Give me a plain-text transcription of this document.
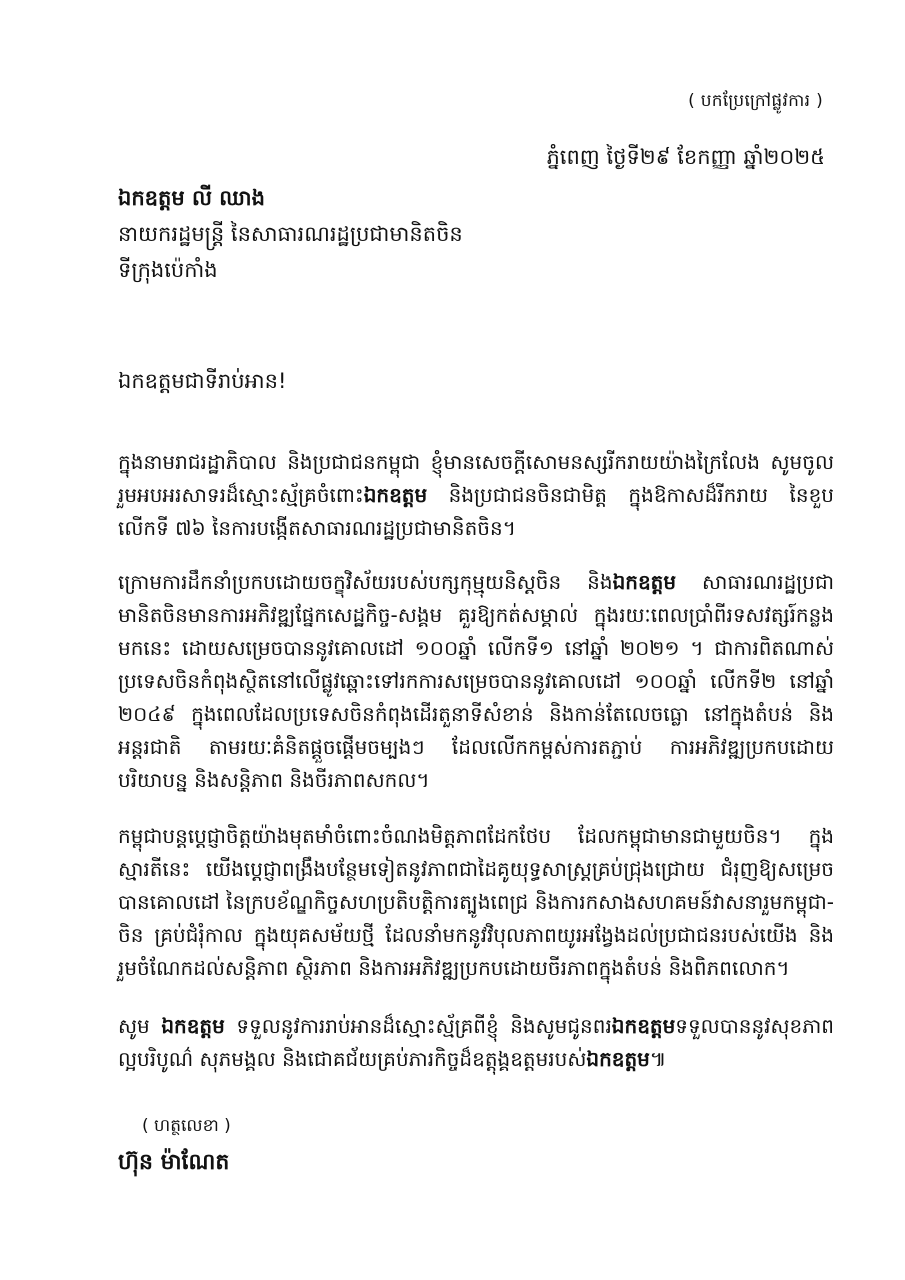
( បកប្រែក្រៅផ្លូវការ )
ភ្នំពេញ ថ្ងៃទី២៩ ខែកញ្ញា ឆ្នាំ២០២៥
ឯកឧត្តម លី ឈាង
នាយករដ្ឋមន្ត្រី នៃសាធារណរដ្ឋប្រជាមានិតចិន
ទីក្រុងប៉េកាំង
ឯកឧត្តមជាទីរាប់អាន!

ក្នុងនាមរាជរដ្ឋាភិបាល និងប្រជាជនកម្ពុជា ខ្ញុំមានសេចក្ដីសោមនស្សរីករាយយ៉ាងក្រៃលែង សូមចូលរួមអបអរសាទរដ៏ស្មោះស្ម័គ្រចំពោះឯកឧត្តម និងប្រជាជនចិនជាមិត្ត ក្នុងឱកាសដ៏រីករាយ នៃខួបលើកទី ៧៦ នៃការបង្កើតសាធារណរដ្ឋប្រជាមានិតចិន។

ក្រោមការដឹកនាំប្រកបដោយចក្ខុវិស័យរបស់បក្សកុម្មុយនិស្តចិន និងឯកឧត្តម សាធារណរដ្ឋប្រជាមានិតចិនមានការអភិវឌ្ឍផ្នែកសេដ្ឋកិច្ច-សង្គម គួរឱ្យកត់សម្គាល់ ក្នុងរយៈពេលប្រាំពីរទសវត្សរ៍កន្លងមកនេះ ដោយសម្រេចបាននូវគោលដៅ ១០០ឆ្នាំ លើកទី១ នៅឆ្នាំ ២០២១ ។ ជាការពិតណាស់ ប្រទេសចិនកំពុងស្ថិតនៅលើផ្លូវឆ្ពោះទៅរកការសម្រេចបាននូវគោលដៅ ១០០ឆ្នាំ លើកទី២ នៅឆ្នាំ ២០៤៩ ក្នុងពេលដែលប្រទេសចិនកំពុងដើរតួនាទីសំខាន់ និងកាន់តែលេចធ្លោ នៅក្នុងតំបន់ និងអន្តរជាតិ តាមរយៈគំនិតផ្តួចផ្តើមចម្បងៗ ដែលលើកកម្ពស់ការតភ្ជាប់ ការអភិវឌ្ឍប្រកបដោយបរិយាបន្ន និងសន្តិភាព និងចីរភាពសកល។

កម្ពុជាបន្តប្ដេជ្ញាចិត្តយ៉ាងមុតមាំចំពោះចំណងមិត្តភាពដែកថែប ដែលកម្ពុជាមានជាមួយចិន។ ក្នុងស្មារតីនេះ យើងប្តេជ្ញាពង្រឹងបន្ថែមទៀតនូវភាពជាដៃគូយុទ្ធសាស្ត្រគ្រប់ជ្រុងជ្រោយ ជំរុញឱ្យសម្រេចបានគោលដៅ នៃក្របខ័ណ្ឌកិច្ចសហប្រតិបត្តិការត្បូងពេជ្រ និងការកសាងសហគមន៍វាសនារួមកម្ពុជា-ចិន គ្រប់ជំរុំកាល ក្នុងយុគសម័យថ្មី ដែលនាំមកនូវវិបុលភាពយូរអង្វែងដល់ប្រជាជនរបស់យើង និងរួមចំណែកដល់សន្តិភាព ស្ថិរភាព និងការអភិវឌ្ឍប្រកបដោយចីរភាពក្នុងតំបន់ និងពិភពលោក។

សូម ឯកឧត្តម ទទួលនូវការរាប់អានដ៏ស្មោះស្ម័គ្រពីខ្ញុំ និងសូមជូនពរឯកឧត្តមទទួលបាននូវសុខភាពល្អបរិបូណ៌ សុភមង្គល និងជោគជ័យគ្រប់ភារកិច្ចដ៏ឧត្តុង្គឧត្តមរបស់ឯកឧត្តម៕

( ហត្ថលេខា )
ហ៊ុន ម៉ាណែត
